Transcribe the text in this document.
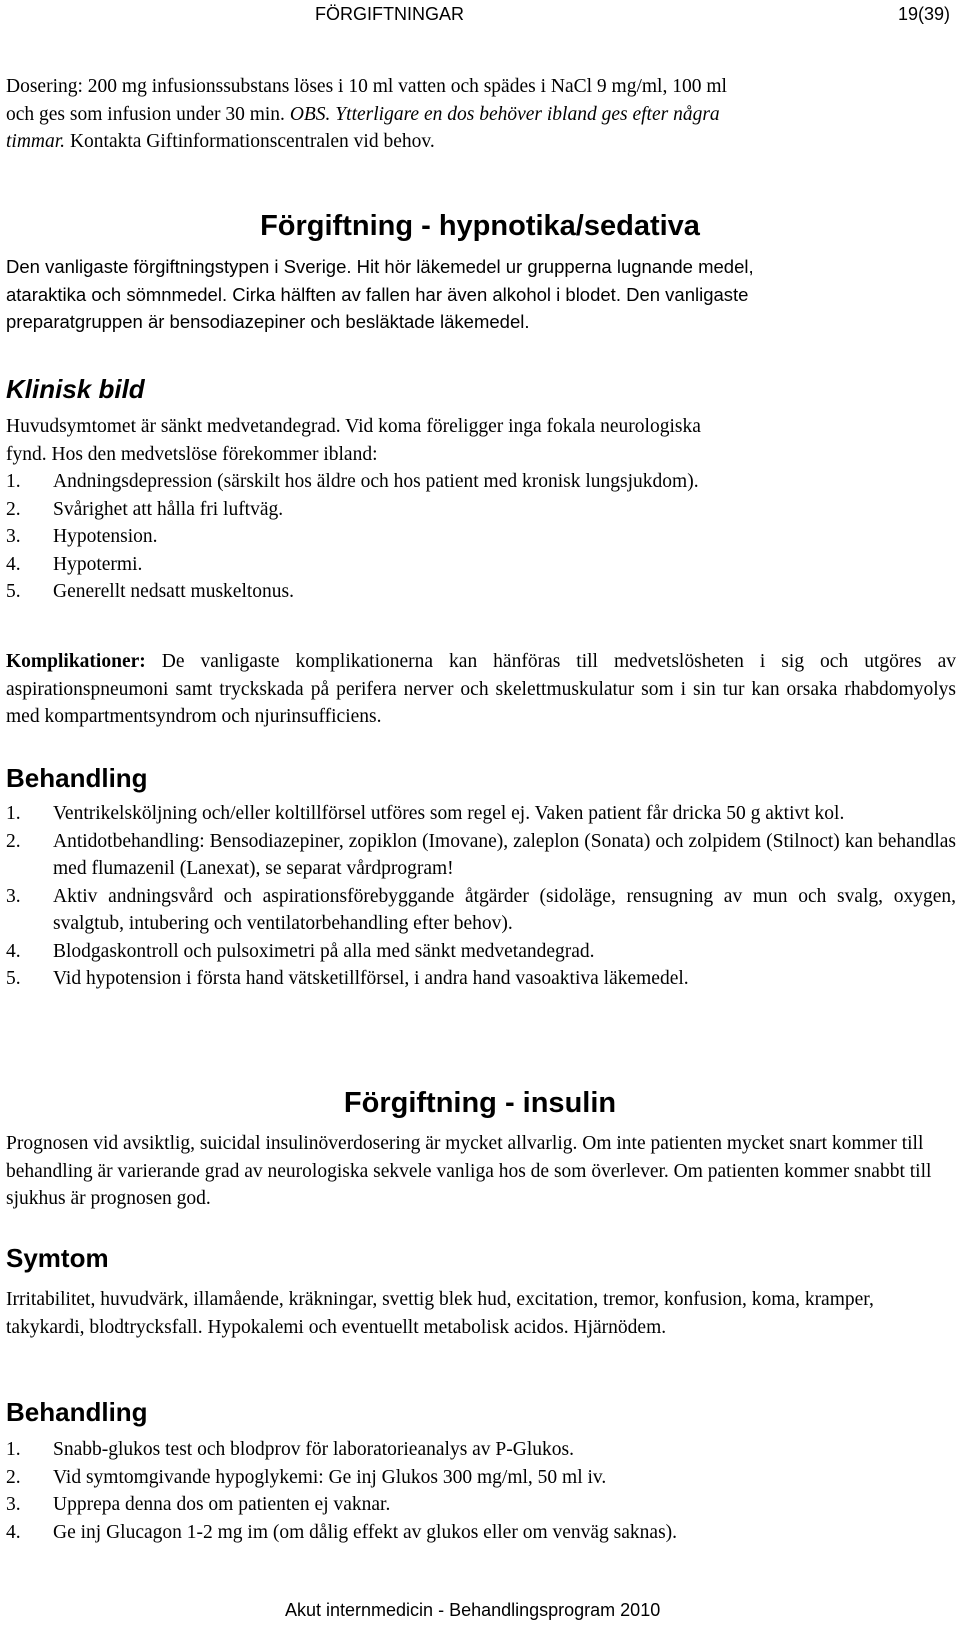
FÖRGIFTNINGAR	19(39)
Dosering: 200 mg infusionssubstans löses i 10 ml vatten och spädes i NaCl 9 mg/ml, 100 ml
och ges som infusion under 30 min. OBS. Ytterligare en dos behöver ibland ges efter några
timmar. Kontakta Giftinformationscentralen vid behov.
Förgiftning - hypnotika/sedativa
Den vanligaste förgiftningstypen i Sverige. Hit hör läkemedel ur grupperna lugnande medel,
ataraktika och sömnmedel. Cirka hälften av fallen har även alkohol i blodet. Den vanligaste
preparatgruppen är bensodiazepiner och besläktade läkemedel.
Klinisk bild
Huvudsymtomet är sänkt medvetandegrad. Vid koma föreligger inga fokala neurologiska
fynd. Hos den medvetslöse förekommer ibland:
1. Andningsdepression (särskilt hos äldre och hos patient med kronisk lungsjukdom).
2. Svårighet att hålla fri luftväg.
3. Hypotension.
4. Hypotermi.
5. Generellt nedsatt muskeltonus.
Komplikationer: De vanligaste komplikationerna kan hänföras till medvetslösheten i sig och utgöres av aspirationspneumoni samt tryckskada på perifera nerver och skelettmuskulatur som i sin tur kan orsaka rhabdomyolys med kompartmentsyndrom och njurinsufficiens.
Behandling
1. Ventrikelsköljning och/eller koltillförsel utföres som regel ej. Vaken patient får dricka 50 g aktivt kol.
2. Antidotbehandling: Bensodiazepiner, zopiklon (Imovane), zaleplon (Sonata) och zolpidem (Stilnoct) kan behandlas med flumazenil (Lanexat), se separat vårdprogram!
3. Aktiv andningsvård och aspirationsförebyggande åtgärder (sidoläge, rensugning av mun och svalg, oxygen, svalgtub, intubering och ventilatorbehandling efter behov).
4. Blodgaskontroll och pulsoximetri på alla med sänkt medvetandegrad.
5. Vid hypotension i första hand vätsketillförsel, i andra hand vasoaktiva läkemedel.
Förgiftning - insulin
Prognosen vid avsiktlig, suicidal insulinöverdosering är mycket allvarlig. Om inte patienten mycket snart kommer till behandling är varierande grad av neurologiska sekvele vanliga hos de som överlever. Om patienten kommer snabbt till sjukhus är prognosen god.
Symtom
Irritabilitet, huvudvärk, illamående, kräkningar, svettig blek hud, excitation, tremor, konfusion, koma, kramper, takykardi, blodtrycksfall. Hypokalemi och eventuellt metabolisk acidos. Hjärnödem.
Behandling
1. Snabb-glukos test och blodprov för laboratorieanalys av P-Glukos.
2. Vid symtomgivande hypoglykemi: Ge inj Glukos 300 mg/ml, 50 ml iv.
3. Upprepa denna dos om patienten ej vaknar.
4. Ge inj Glucagon 1-2 mg im (om dålig effekt av glukos eller om venväg saknas).
Akut internmedicin - Behandlingsprogram 2010
